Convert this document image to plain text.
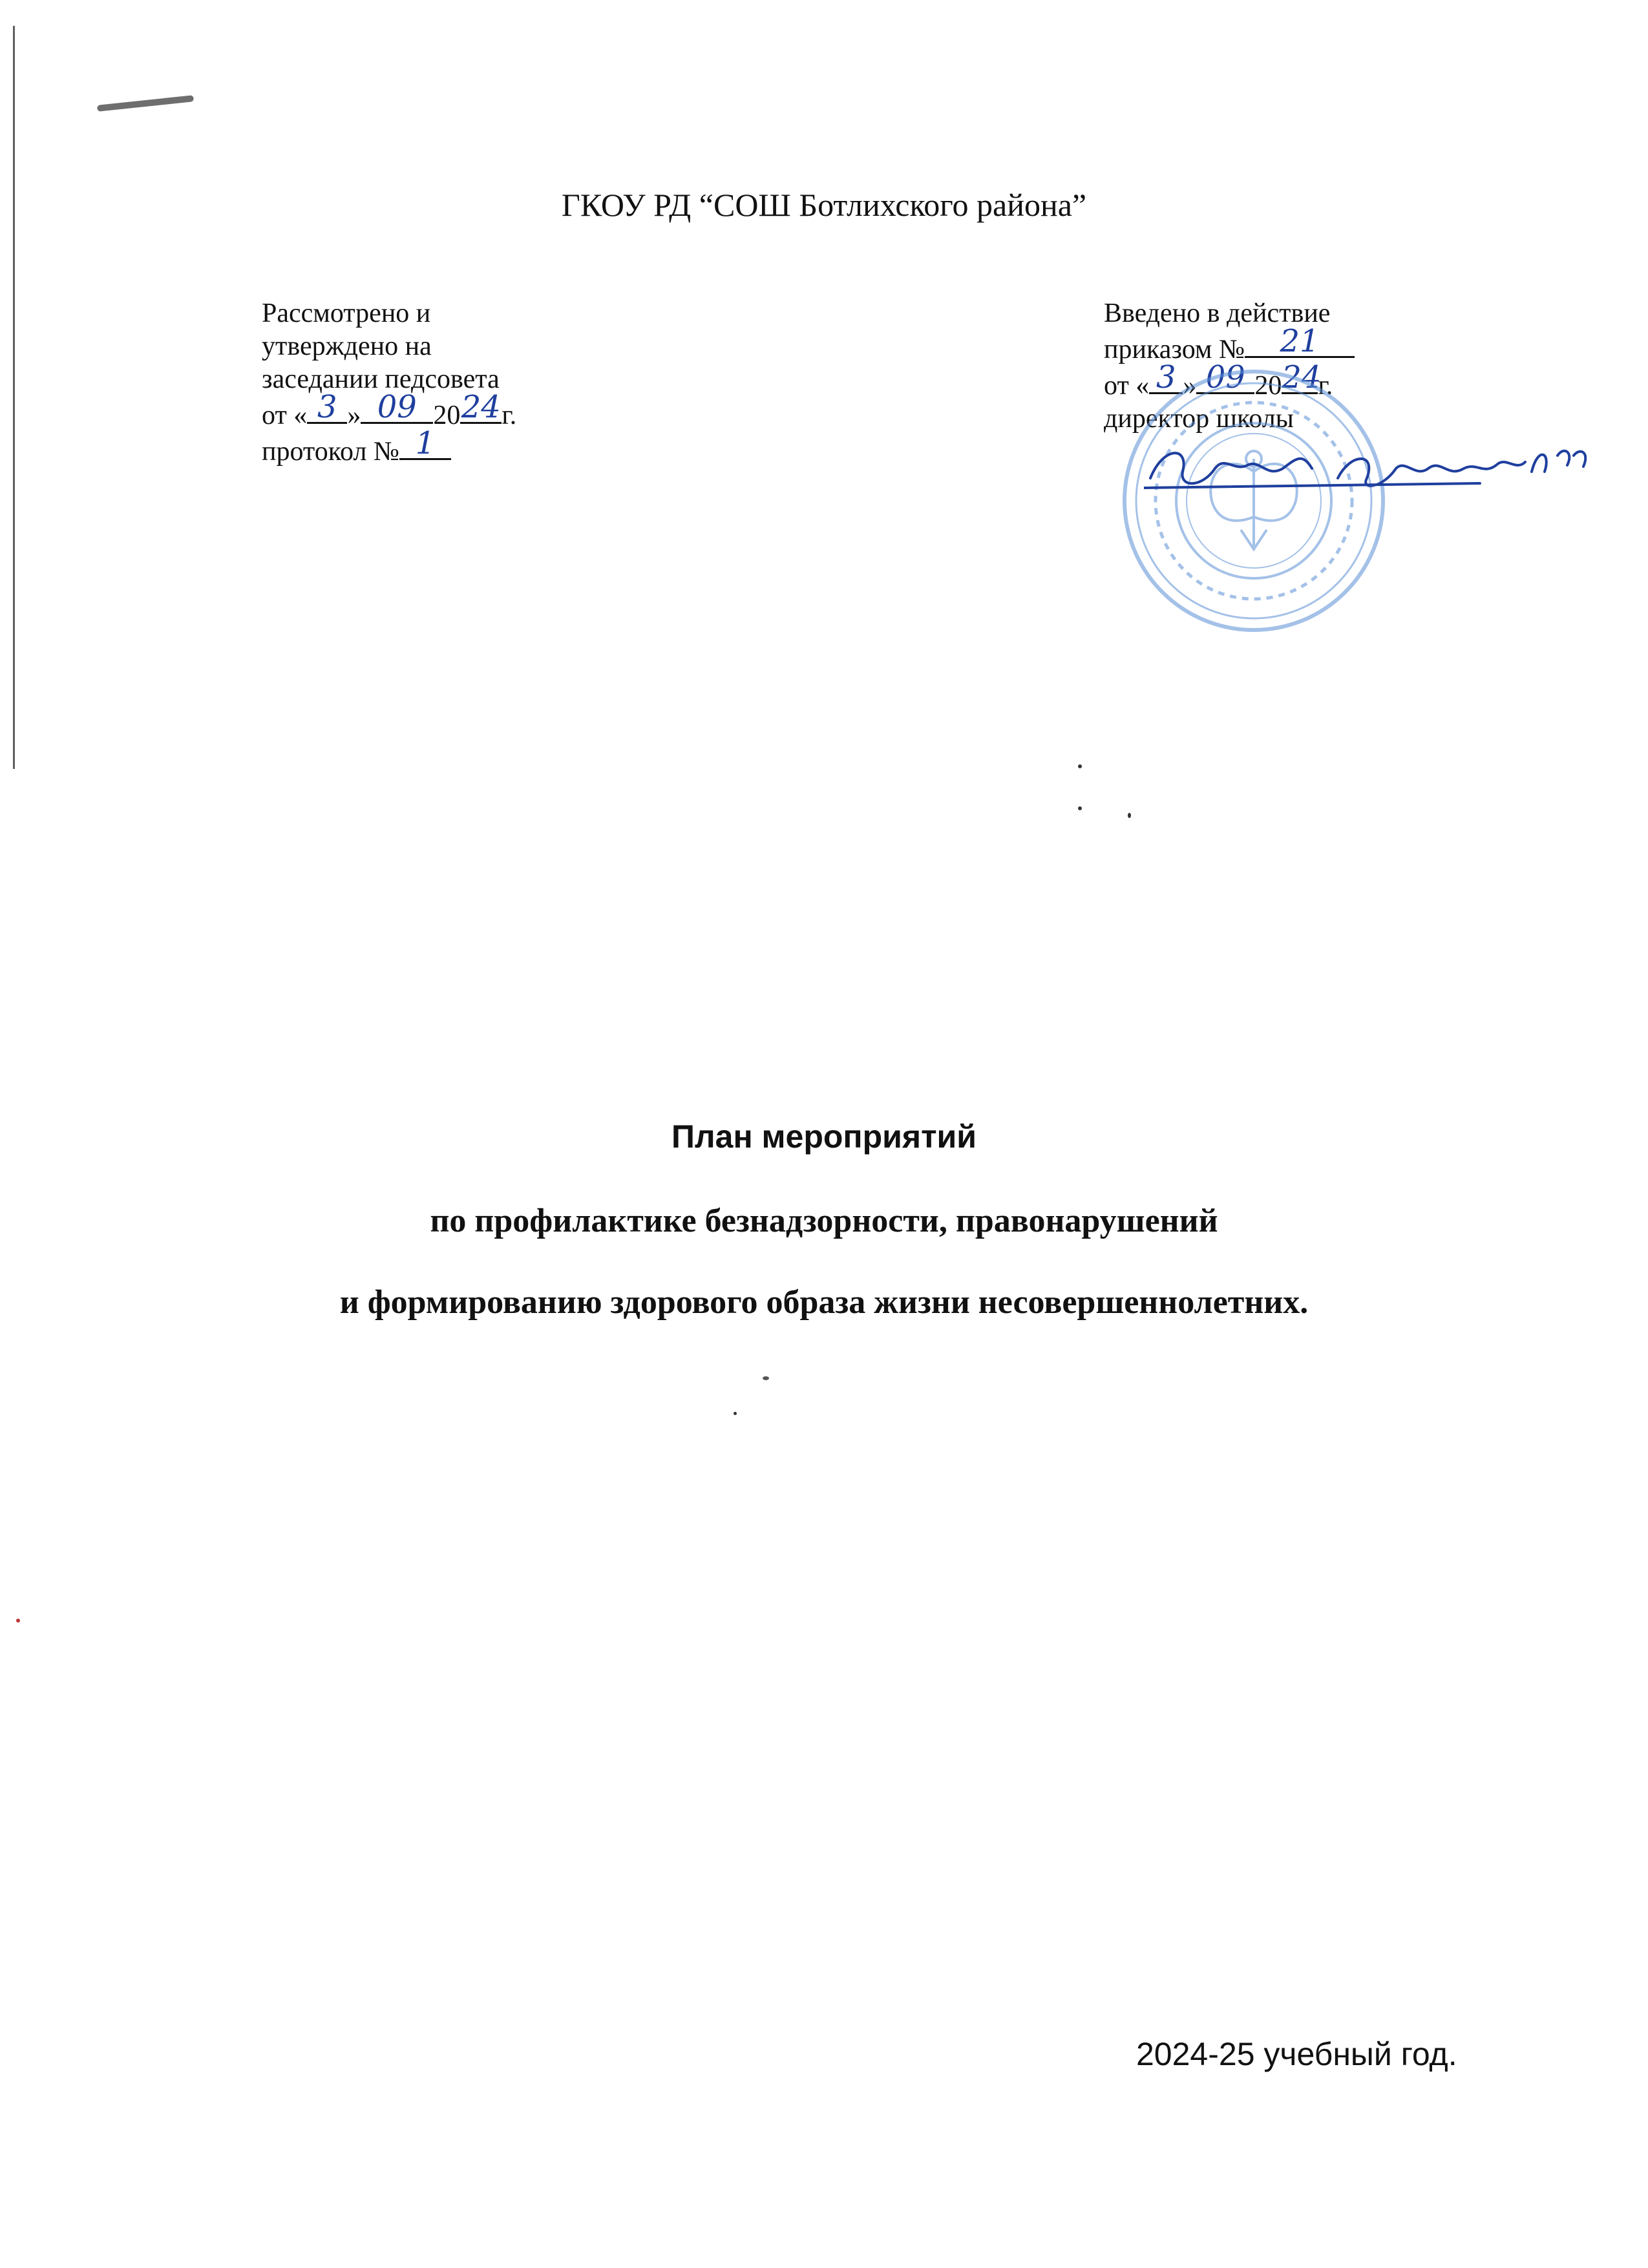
ГКОУ РД “СОШ Ботлихского района”
Рассмотрено и
утверждено на
заседании педсовета
от « 3 » 09 20 24 г.
протокол № 1
Введено в действие
приказом №	21
от « 3 » 09 20 24
г.
директор школы
План мероприятий
по профилактике безнадзорности, правонарушений
и формированию здорового образа жизни несовершеннолетних.
2024-25 учебный год.
